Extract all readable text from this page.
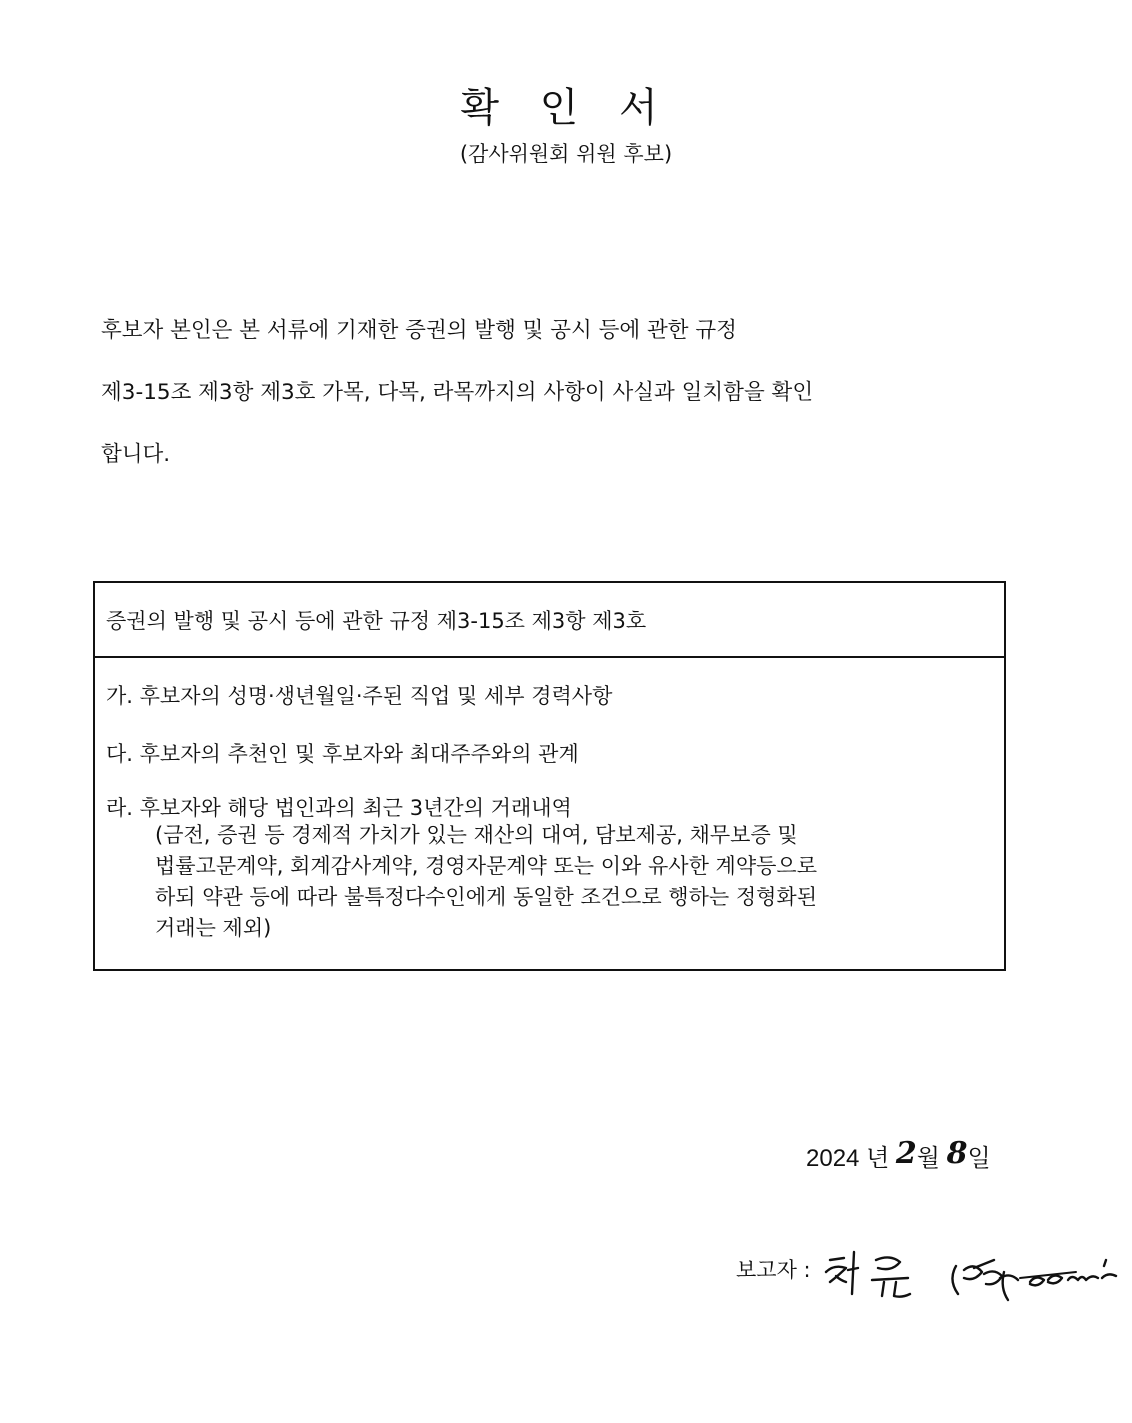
확 인 서
(감사위원회 위원 후보)
후보자 본인은 본 서류에 기재한 증권의 발행 및 공시 등에 관한 규정
제3-15조 제3항 제3호 가목, 다목, 라목까지의 사항이 사실과 일치함을 확인
합니다.
증권의 발행 및 공시 등에 관한 규정 제3-15조 제3항 제3호
가. 후보자의 성명·생년월일·주된 직업 및 세부 경력사항
다. 후보자의 추천인 및 후보자와 최대주주와의 관계
라. 후보자와 해당 법인과의 최근 3년간의 거래내역
(금전, 증권 등 경제적 가치가 있는 재산의 대여, 담보제공, 채무보증 및
법률고문계약, 회계감사계약, 경영자문계약 또는 이와 유사한 계약등으로
하되 약관 등에 따라 불특정다수인에게 동일한 조건으로 행하는 정형화된
거래는 제외)
2024 년 2월 8일
보고자 :
